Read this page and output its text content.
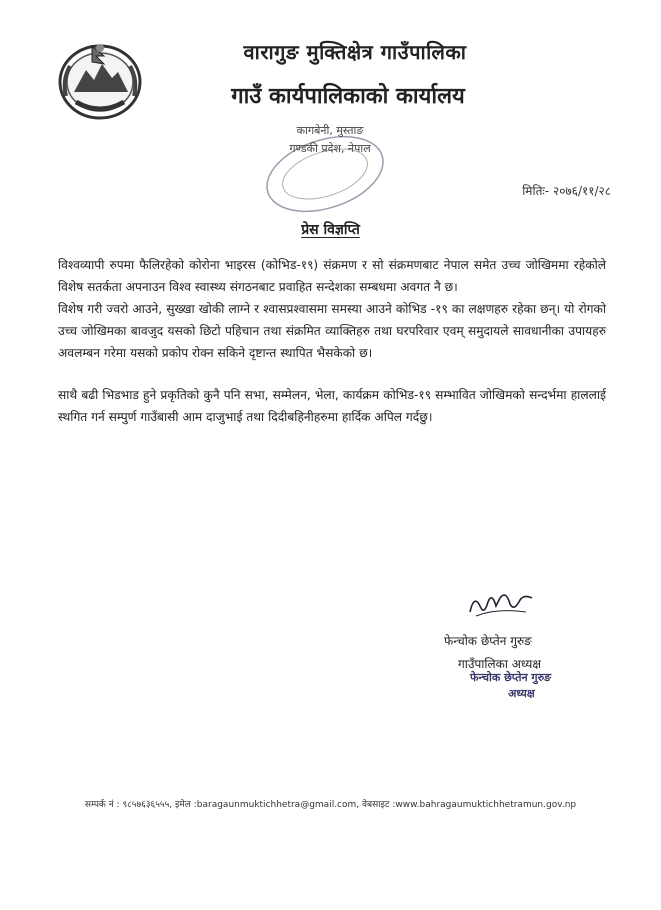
वारागुङ मुक्तिक्षेत्र गाउँपालिका
गाउँ कार्यपालिकाको कार्यालय
कागबेनी, मुस्ताङ
गण्डकी प्रदेश, नेपाल
मितिः- २०७६/११/२८
प्रेस विज्ञप्ति

विश्वव्यापी रुपमा फैलिरहेको कोरोना भाइरस (कोभिड-१९) संक्रमण र सो संक्रमणबाट नेपाल समेत उच्च जोखिममा रहेकोले विशेष सतर्कता अपनाउन विश्व स्वास्थ्य संगठनबाट प्रवाहित सन्देशका सम्बधमा अवगत नै छ।

विशेष गरी ज्वरो आउने, सुख्खा खोकी लाग्ने र श्वासप्रश्वासमा समस्या आउने कोभिड -१९ का लक्षणहरु रहेका छन्। यो रोगको उच्च जोखिमका बावजुद यसको छिटो पहिचान तथा संक्रमित व्याक्तिहरु तथा घरपरिवार एवम् समुदायले सावधानीका उपायहरु अवलम्बन गरेमा यसको प्रकोप रोक्न सकिने दृष्टान्त स्थापित भैसकेको छ।

साथै बढी भिडभाड हुने प्रकृतिको कुनै पनि सभा, सम्मेलन, भेला, कार्यक्रम कोभिड-१९ सम्भावित जोखिमको सन्दर्भमा हाललाई स्थगित गर्न सम्पुर्ण गाउँबासी आम दाजुभाई तथा दिदीबहिनीहरुमा हार्दिक अपिल गर्दछु।

फेन्चोक छेप्तेन गुरुङ
गाउँपालिका अध्यक्ष
फेन्चोक छेप्तेन गुरुङ
अध्यक्ष
सम्पर्क नं : ९८५७६३६५५५, इमेल :baragaunmuktichhetra@gmail.com, वेबसाइट :www.bahragaumuktichhetramun.gov.np
